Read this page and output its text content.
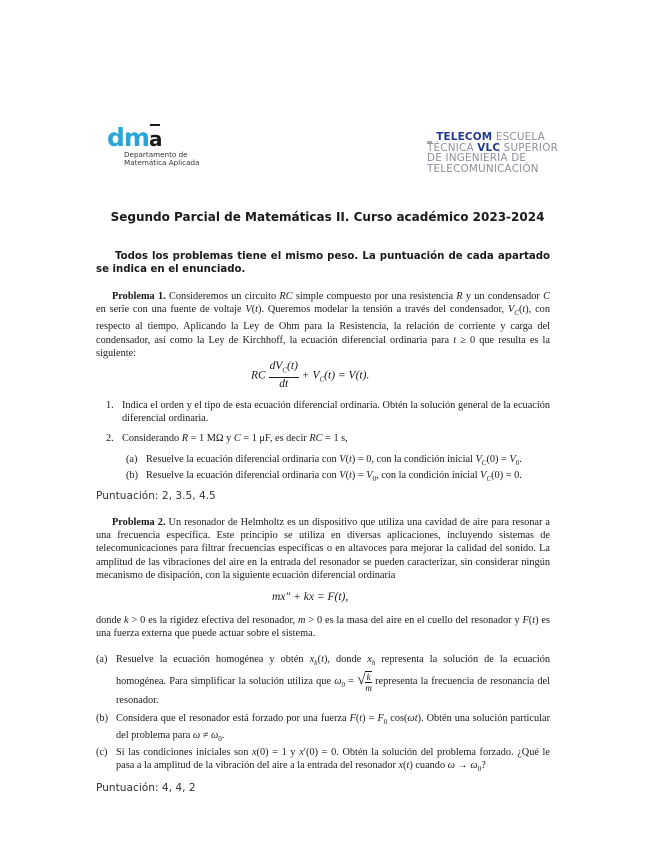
d m a
Departamento de
Matemática Aplicada
_ TELECOM ESCUELA
TÉCNICA VLC SUPERIOR
DE INGENIERÍA DE
TELECOMUNICACIÓN
Segundo Parcial de Matemáticas II. Curso académico 2023-2024
Todos los problemas tiene el mismo peso. La puntuación de cada apartado se indica en el enunciado.
Problema 1. Consideremos un circuito RC simple compuesto por una resistencia R y un condensador C en serie con una fuente de voltaje V(t). Queremos modelar la tensión a través del condensador, $V_C(t)$, con respecto al tiempo. Aplicando la Ley de Ohm para la Resistencia, la relación de corriente y carga del condensador, así como la Ley de Kirchhoff, la ecuación diferencial ordinaria para t ≥ 0 que resulta es la siguiente:
RC $\frac{dV_C(t)}{dt} + V_C(t) = V(t)$.
1. Indica el orden y el tipo de esta ecuación diferencial ordinaria. Obtén la solución general de la ecuación diferencial ordinaria.
2. Considerando R = 1 MΩ y C = 1 μF, es decir RC = 1 s,
(a) Resuelve la ecuación diferencial ordinaria con V(t) = 0, con la condición inicial $V_C(0) = V_0$.
(b) Resuelve la ecuación diferencial ordinaria con $V(t) = V_0$, con la condición inicial $V_C(0) = 0$.
Puntuación: 2, 3.5, 4.5
Problema 2. Un resonador de Helmholtz es un dispositivo que utiliza una cavidad de aire para resonar a una frecuencia específica. Este principio se utiliza en diversas aplicaciones, incluyendo sistemas de telecomunicaciones para filtrar frecuencias específicas o en altavoces para mejorar la calidad del sonido. La amplitud de las vibraciones del aire en la entrada del resonador se pueden caracterizar, sin considerar ningún mecanismo de disipación, con la siguiente ecuación diferencial ordinaria
mx″ + kx = F(t),
donde k > 0 es la rigidez efectiva del resonador, m > 0 es la masa del aire en el cuello del resonador y F(t) es una fuerza externa que puede actuar sobre el sistema.
(a) Resuelve la ecuación homogénea y obtén $x_h(t)$, donde $x_h$ representa la solución de la ecuación homogénea. Para simplificar la solución utiliza que $\omega_0$ = √ $\frac{k}{m}$ representa la frecuencia de resonancia del resonador.
(b) Considera que el resonador está forzado por una fuerza $F(t) = F_0$ cos(ωt). Obtén una solución particular del problema para $\omega \ne \omega_0$.
(c) Si las condiciones iniciales son x(0) = 1 y x′(0) = 0. Obtén la solución del problema forzado. ¿Qué le pasa a la amplitud de la vibración del aire a la entrada del resonador x(t) cuando $\omega \to \omega_0$?
Puntuación: 4, 4, 2
